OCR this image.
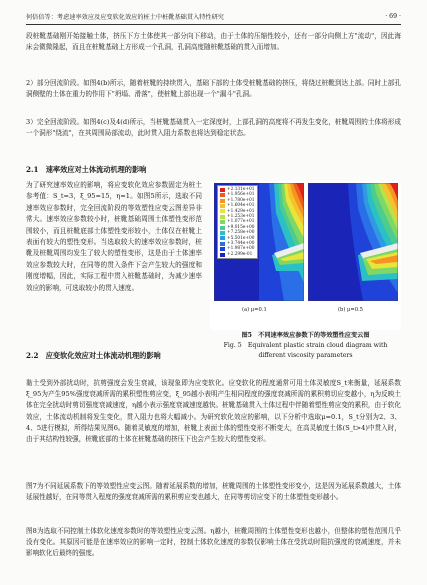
何倍倍等：考虑速率效应及应变软化效应的桩土中桩靴基础贯入特性研究	· 69 ·

段桩靴基础刚开始接触土体，挤压下方土体使其一部分向下移动，由于土体的压缩性较小，还有一部分向侧上方"流动"，因此海床会微微隆起，而且在桩靴基础上方形成一个孔洞，孔洞高度随桩靴基础的贯入而增加。

2）部分回流阶段。如图4(b)所示，随着桩靴的持续贯入，基础下部的土体受桩靴基础的挤压，将绕过桩靴到达上部。同时上部孔洞侧壁的土体在重力的作用下"坍塌、滑落"，使桩靴上部出现一个"漏斗"孔洞。

3）完全回流阶段。如图4(c)及4(d)所示，当桩靴基础贯入一定深度时，上部孔洞的高度将不再发生变化，桩靴周围的土体将形成一个洞形"绕流"，在其周围局部流动，此时贯入阻力系数也将达到稳定状态。

2.1　速率效应对土体流动机理的影响

为了研究速率效应的影响，将应变软化效应参数固定为桩土参考值：S_t=3，ξ_95=15，η=1。如图5所示，选取不同速率效应参数时，完全回流阶段的等效塑性应变云图差异非常大。速率效应参数较小时，桩靴基础周围土体塑性变形范围较小，而且桩靴底部土体塑性变形较小，土体仅在桩靴上表面有较大的塑性变形。当选取较大的速率效应参数时，桩靴及桩靴周围均发生了较大的塑性变形，这是由于土体速率效应参数较大时，在同等的贯入条件下会产生较大的强度和刚度增幅，因此，实际工程中贯入桩靴基础时，为减少速率效应的影响，可选取较小的贯入速度。

2.2　应变软化效应对土体流动机理的影响

黏土受到外部扰动时，抗剪强度会发生衰减，该现象即为应变软化。应变软化的程度通常可用土体灵敏度S_t来衡量，延展系数ξ_95为产生95%强度衰减所需的累积塑性剪应变，ξ_95越小表明产生相同程度的强度衰减所需的累积剪切应变越小，η为反映土体在完全扰动时剪切强度衰减速度，η越小表示强度衰减速度越快。桩靴基础贯入土体过程中伴随着塑性剪应变的累积，由于软化效应，土体流动机制将发生变化，贯入阻力也将大幅减小。为研究软化效应的影响，以下分析中选取μ=0.1，S_t分别为2、3、4、5进行模拟，所得结果见图6。随着灵敏度的增加，桩靴上表面土体的塑性变形不断变大，在高灵敏度土体(S_t>4)中贯入时，由于其结构性较强，桩靴底部的土体在桩靴基础的挤压下也会产生较大的塑性变形。

图7为不同延展系数下的等效塑性应变云图。随着延展系数的增加，桩靴周围的土体塑性变形变小，这是因为延展系数越大，土体延展性越好，在同等贯入程度的强度衰减所需的累积剪应变也越大，在同等剪切应变下的土体塑性变形越小。

图8为选取不同控制土体软化速度参数时的等效塑性应变云图。η越小，桩靴周围的土体塑性变形也越小，但整体的塑性范围几乎没有变化。其原因可能是在速率效应的影响一定时，控制土体软化速度的参数仅影响土体在受扰动时阻抗强度的衰减速度，并未影响软化后最终的强度。

+2.131e+01
+1.956e+01
+1.780e+01
+1.604e+01
+1.429e+01
+1.253e+01
+1.077e+01
+9.015e+00
+7.258e+00
+5.501e+00
+3.744e+00
+1.987e+00
+2.299e-01
(a) μ=0.1	(b) μ=0.5
图5　不同速率效应参数下的等效塑性应变云图
Fig. 5　Equivalent plastic strain cloud diagram with
different viscosity parameters
